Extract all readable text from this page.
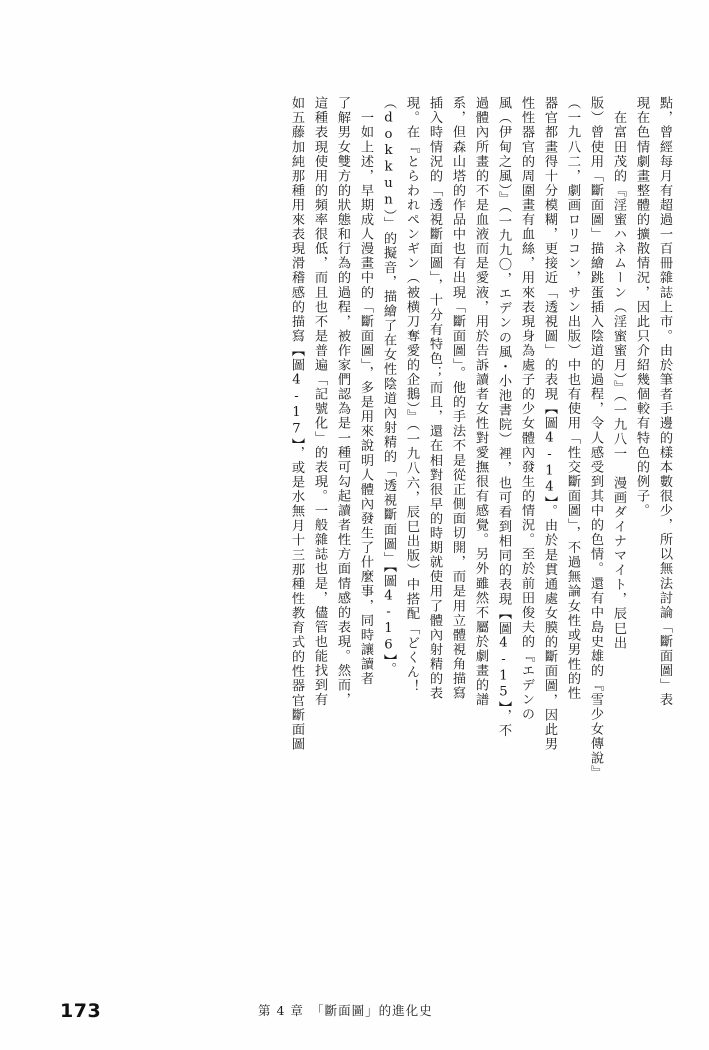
點，曾經每月有超過一百冊雜誌上市。由於筆者手邊的樣本數很少，所以無法討論「斷面圖」表
現在色情劇畫整體的擴散情況，因此只介紹幾個較有特色的例子。
　在富田茂的『淫蜜ハネムーン（淫蜜蜜月）』（一九八一　漫画ダイナマイト，辰巳出
版）曾使用「斷面圖」描繪跳蛋插入陰道的過程，令人感受到其中的色情。還有中島史雄的『雪少女傳說』
（一九八二，劇画ロリコン，サン出版）中也有使用「性交斷面圖」，不過無論女性或男性的性
器官都畫得十分模糊，更接近「透視圖」的表現【圖4-14】。由於是貫通處女膜的斷面圖，因此男
性性器官的周圍畫有血絲，用來表現身為處子的少女體內發生的情況。至於前田俊夫的『エデンの
風（伊甸之風）』（一九九〇，エデンの風・小池書院）裡，也可看到相同的表現【圖4-15】，不
過體內所畫的不是血液而是愛液，用於告訴讀者女性對愛撫很有感覺。另外雖然不屬於劇畫的譜
系，但森山塔的作品中也有出現「斷面圖」。他的手法不是從正側面切開，而是用立體視角描寫
插入時情況的「透視斷面圖」，十分有特色；而且，還在相對很早的時期就使用了體內射精的表
現。在『とらわれペンギン（被横刀奪愛的企鵝）』（一九八六，辰巳出版）中搭配「どくん！
（dokkun）」的擬音，描繪了在女性陰道內射精的「透視斷面圖」【圖4-16】。
　一如上述，早期成人漫畫中的「斷面圖」，多是用來說明人體內發生了什麼事，同時讓讀者
了解男女雙方的狀態和行為的過程，被作家們認為是一種可勾起讀者性方面情感的表現。然而，
這種表現使用的頻率很低，而且也不是普遍「記號化」的表現。一般雜誌也是，儘管也能找到有
如五藤加純那種用來表現滑稽感的描寫【圖4-17】，或是水無月十三那種性教育式的性器官斷面圖
173	第 4 章　「斷面圖」的進化史
